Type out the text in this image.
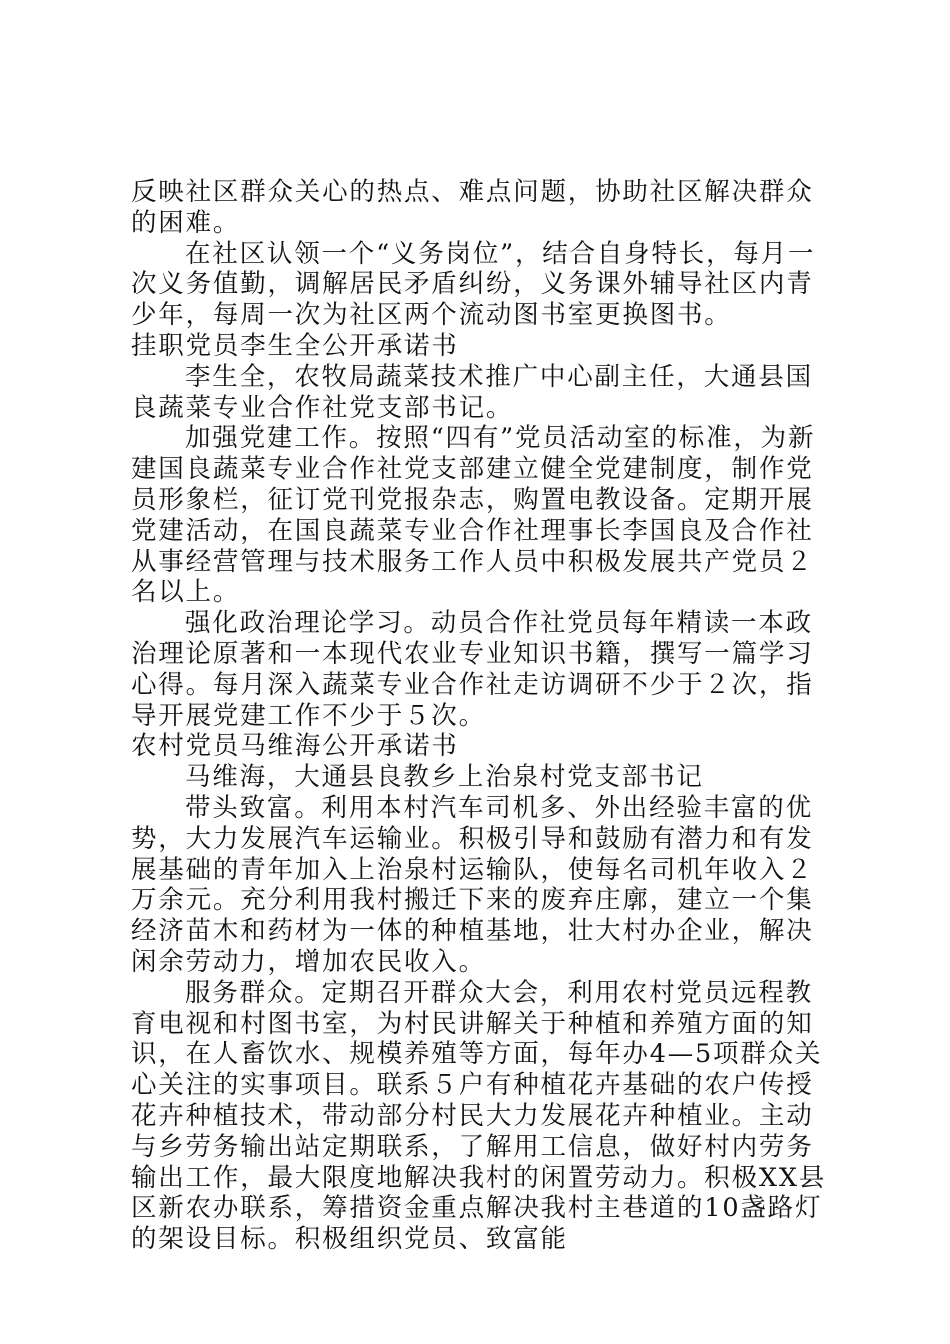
反映社区群众关心的热点、难点问题，协助社区解决群众的困难。

在社区认领一个“义务岗位”，结合自身特长，每月一次义务值勤，调解居民矛盾纠纷，义务课外辅导社区内青少年，每周一次为社区两个流动图书室更换图书。

挂职党员李生全公开承诺书

李生全，农牧局蔬菜技术推广中心副主任，大通县国良蔬菜专业合作社党支部书记。

加强党建工作。按照“四有”党员活动室的标准，为新建国良蔬菜专业合作社党支部建立健全党建制度，制作党员形象栏，征订党刊党报杂志，购置电教设备。定期开展党建活动，在国良蔬菜专业合作社理事长李国良及合作社从事经营管理与技术服务工作人员中积极发展共产党员２名以上。

强化政治理论学习。动员合作社党员每年精读一本政治理论原著和一本现代农业专业知识书籍，撰写一篇学习心得。每月深入蔬菜专业合作社走访调研不少于２次，指导开展党建工作不少于５次。

农村党员马维海公开承诺书

马维海，大通县良教乡上治泉村党支部书记

带头致富。利用本村汽车司机多、外出经验丰富的优势，大力发展汽车运输业。积极引导和鼓励有潜力和有发展基础的青年加入上治泉村运输队，使每名司机年收入２万余元。充分利用我村搬迁下来的废弃庄廓，建立一个集经济苗木和药材为一体的种植基地，壮大村办企业，解决闲余劳动力，增加农民收入。

服务群众。定期召开群众大会，利用农村党员远程教育电视和村图书室，为村民讲解关于种植和养殖方面的知识，在人畜饮水、规模养殖等方面，每年办4—5项群众关心关注的实事项目。联系５户有种植花卉基础的农户传授花卉种植技术，带动部分村民大力发展花卉种植业。主动与乡劳务输出站定期联系，了解用工信息，做好村内劳务输出工作，最大限度地解决我村的闲置劳动力。积极XX县区新农办联系，筹措资金重点解决我村主巷道的10盏路灯的架设目标。积极组织党员、致富能
